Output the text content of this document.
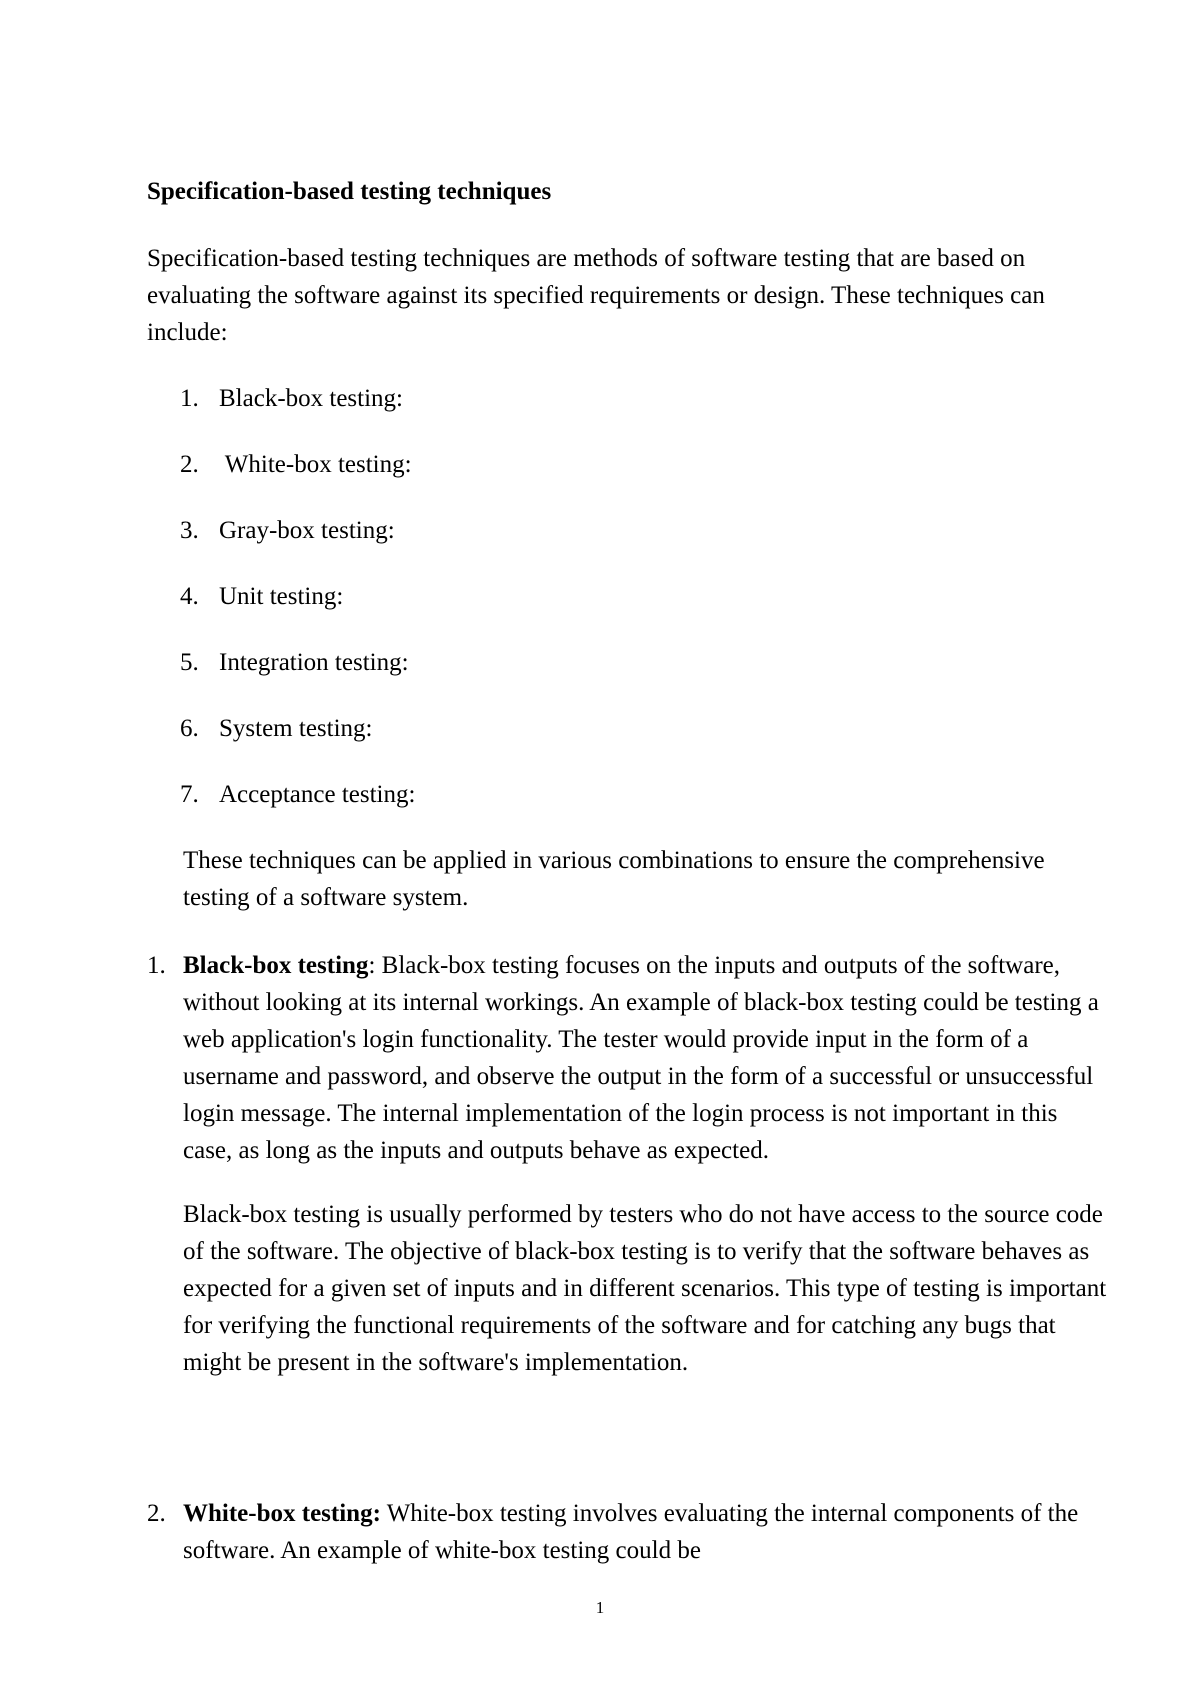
Specification-based testing techniques

Specification-based testing techniques are methods of software testing that are based on evaluating the software against its specified requirements or design. These techniques can include:

1. Black-box testing:
2. White-box testing:
3. Gray-box testing:
4. Unit testing:
5. Integration testing:
6. System testing:
7. Acceptance testing:

These techniques can be applied in various combinations to ensure the comprehensive testing of a software system.

1. Black-box testing: Black-box testing focuses on the inputs and outputs of the software, without looking at its internal workings. An example of black-box testing could be testing a web application's login functionality. The tester would provide input in the form of a username and password, and observe the output in the form of a successful or unsuccessful login message. The internal implementation of the login process is not important in this case, as long as the inputs and outputs behave as expected.

Black-box testing is usually performed by testers who do not have access to the source code of the software. The objective of black-box testing is to verify that the software behaves as expected for a given set of inputs and in different scenarios. This type of testing is important for verifying the functional requirements of the software and for catching any bugs that might be present in the software's implementation.

2. White-box testing: White-box testing involves evaluating the internal components of the software. An example of white-box testing could be

1
